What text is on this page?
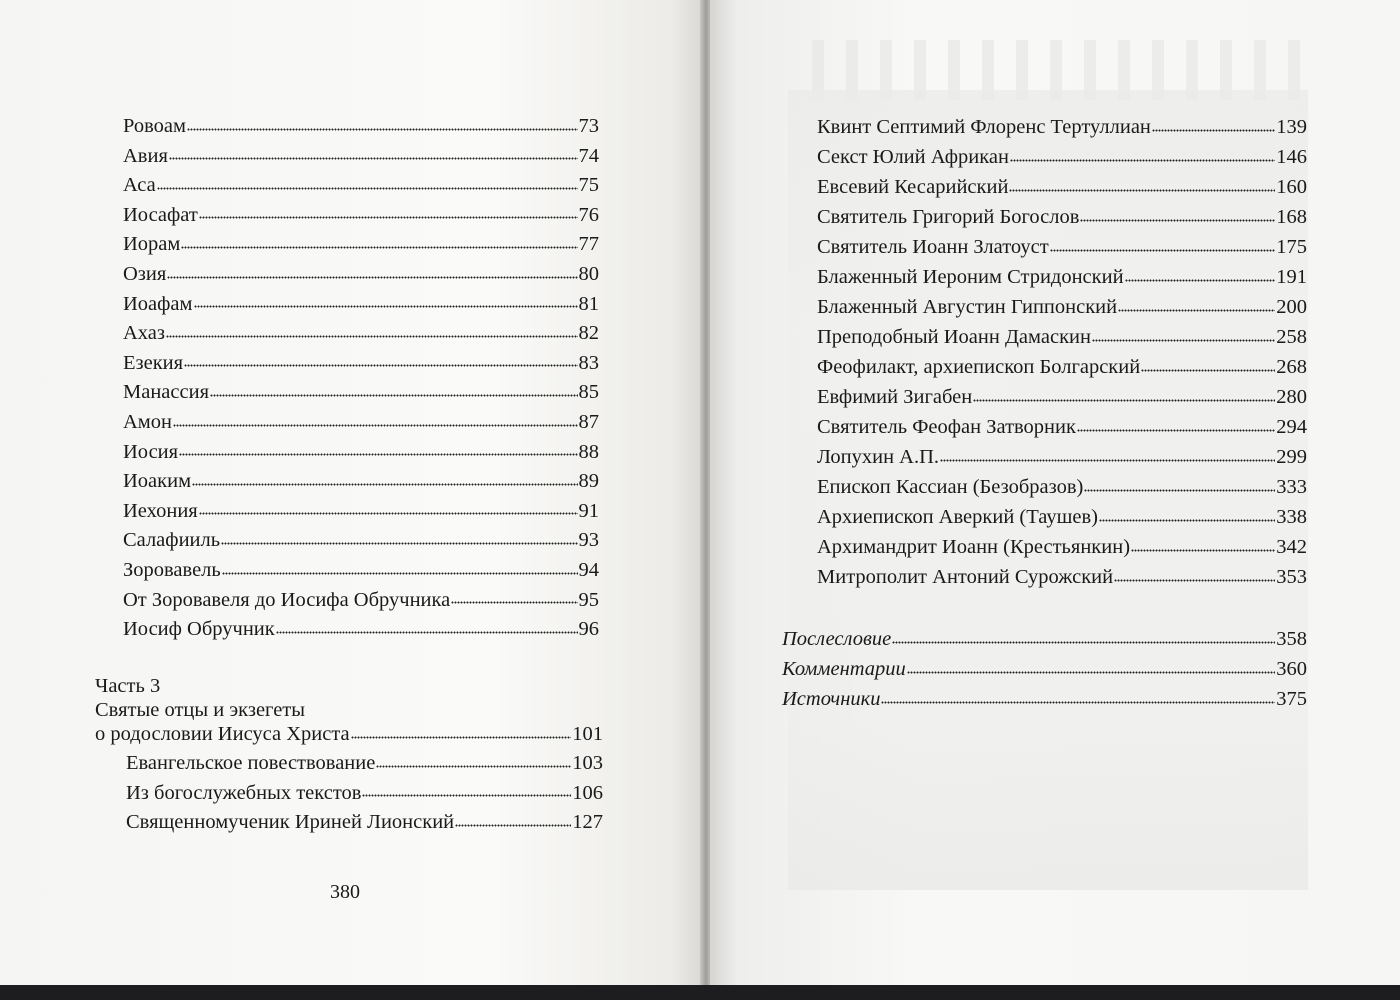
Ровоам	73
Авия	74
Аса	75
Иосафат	76
Иорам	77
Озия	80
Иоафам	81
Ахаз	82
Езекия	83
Манассия	85
Амон	87
Иосия	88
Иоаким	89
Иехония	91
Салафииль	93
Зоровавель	94
От Зоровавеля до Иосифа Обручника	95
Иосиф Обручник	96
Часть 3
Святые отцы и экзегеты
о родословии Иисуса Христа	101
Евангельское повествование	103
Из богослужебных текстов	106
Священномученик Ириней Лионский	127
380
Квинт Септимий Флоренс Тертуллиан	139
Секст Юлий Африкан	146
Евсевий Кесарийский	160
Святитель Григорий Богослов	168
Святитель Иоанн Златоуст	175
Блаженный Иероним Стридонский	191
Блаженный Августин Гиппонский	200
Преподобный Иоанн Дамаскин	258
Феофилакт, архиепископ Болгарский	268
Евфимий Зигабен	280
Святитель Феофан Затворник	294
Лопухин А.П.	299
Епископ Кассиан (Безобразов)	333
Архиепископ Аверкий (Таушев)	338
Архимандрит Иоанн (Крестьянкин)	342
Митрополит Антоний Сурожский	353
Послесловие	358
Комментарии	360
Источники	375
